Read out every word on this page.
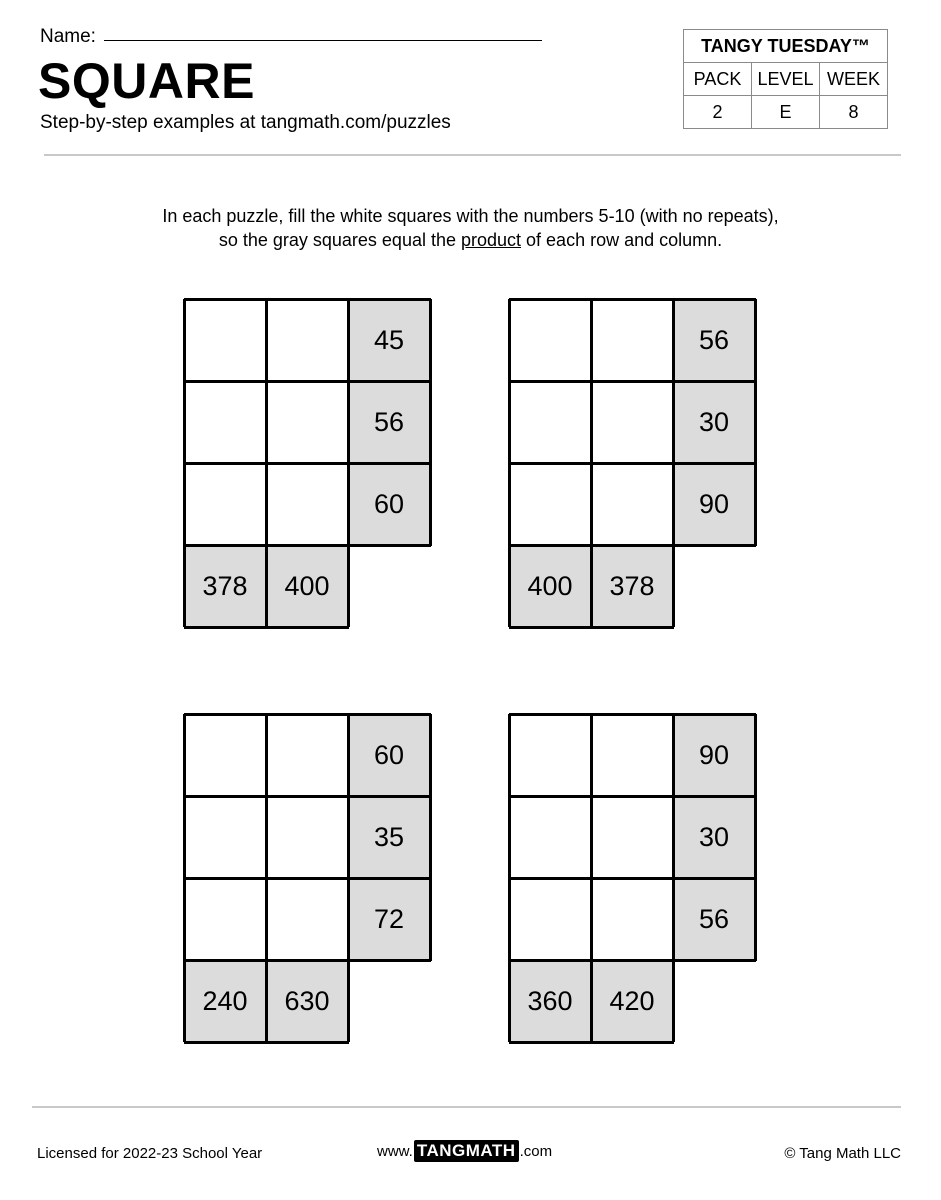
Name:
SQUARE
Step-by-step examples at tangmath.com/puzzles
TANGY TUESDAY™		
PACK	LEVEL	WEEK
2	E	8
In each puzzle, fill the white squares with the numbers 5-10 (with no repeats),
so the gray squares equal the product of each row and column.
45
56
60
378	400
56
30
90
400	378
60
35
72
240	630
90
30
56
360	420
Licensed for 2022-23 School Year	www. TANGMATH .com	© Tang Math LLC
